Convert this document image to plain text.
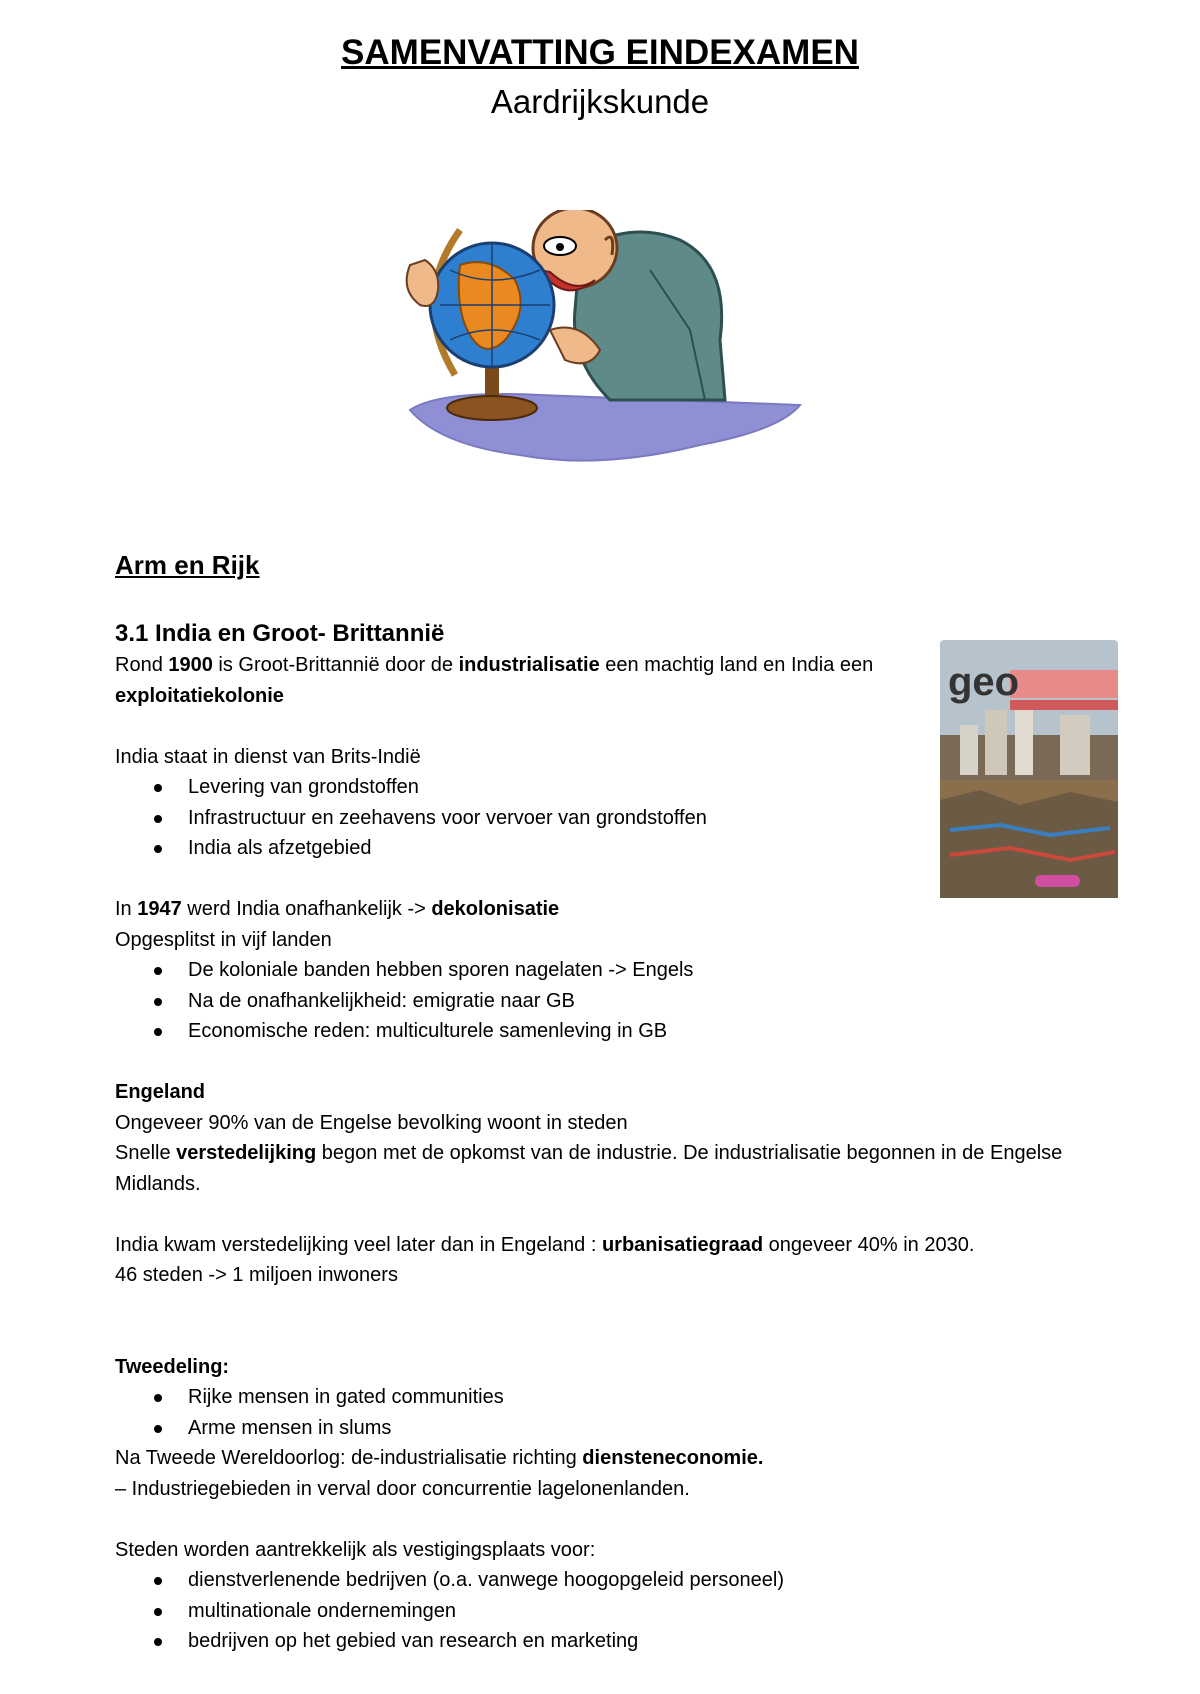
SAMENVATTING EINDEXAMEN
Aardrijkskunde
geo
Arm en Rijk
3.1 India en Groot- Brittannië

Rond 1900 is Groot-Brittannië door de industrialisatie een machtig land en India een exploitatiekolonie

India staat in dienst van Brits-Indië

Levering van grondstoffen
Infrastructuur en zeehavens voor vervoer van grondstoffen
India als afzetgebied

In 1947 werd India onafhankelijk -> dekolonisatie

Opgesplitst in vijf landen

De koloniale banden hebben sporen nagelaten -> Engels
Na de onafhankelijkheid: emigratie naar GB
Economische reden: multiculturele samenleving in GB

Engeland

Ongeveer 90% van de Engelse bevolking woont in steden

Snelle verstedelijking begon met de opkomst van de industrie. De industrialisatie begonnen in de Engelse Midlands.

India kwam verstedelijking veel later dan in Engeland : urbanisatiegraad ongeveer 40% in 2030.

46 steden -> 1 miljoen inwoners

Tweedeling:

Rijke mensen in gated communities
Arme mensen in slums

Na Tweede Wereldoorlog: de-industrialisatie richting diensteneconomie.

– Industriegebieden in verval door concurrentie lagelonenlanden.

Steden worden aantrekkelijk als vestigingsplaats voor:

dienstverlenende bedrijven (o.a. vanwege hoogopgeleid personeel)
multinationale ondernemingen
bedrijven op het gebied van research en marketing
